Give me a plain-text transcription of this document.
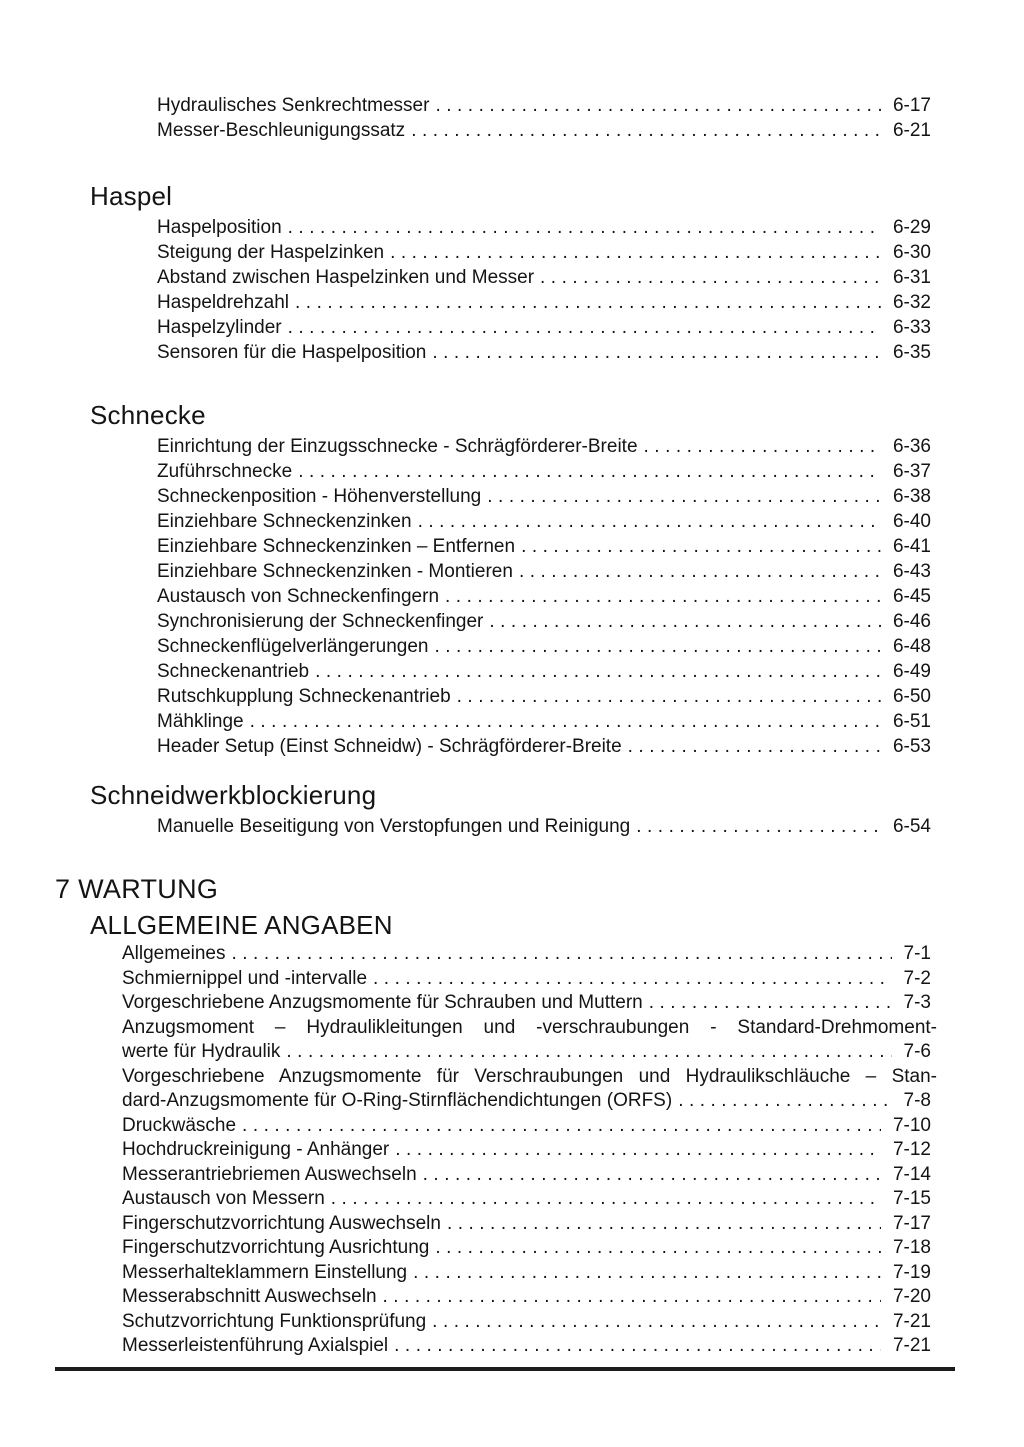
Hydraulisches Senkrechtmesser .....	6-17
Messer-Beschleunigungssatz .....	6-21
Haspel
Haspelposition .....	6-29
Steigung der Haspelzinken .....	6-30
Abstand zwischen Haspelzinken und Messer .....	6-31
Haspeldrehzahl .....	6-32
Haspelzylinder .....	6-33
Sensoren für die Haspelposition .....	6-35
Schnecke
Einrichtung der Einzugsschnecke - Schrägförderer-Breite .....	6-36
Zuführschnecke .....	6-37
Schneckenposition - Höhenverstellung .....	6-38
Einziehbare Schneckenzinken .....	6-40
Einziehbare Schneckenzinken – Entfernen .....	6-41
Einziehbare Schneckenzinken - Montieren .....	6-43
Austausch von Schneckenfingern .....	6-45
Synchronisierung der Schneckenfinger .....	6-46
Schneckenflügelverlängerungen .....	6-48
Schneckenantrieb .....	6-49
Rutschkupplung Schneckenantrieb .....	6-50
Mähklinge .....	6-51
Header Setup (Einst Schneidw) - Schrägförderer-Breite .....	6-53
Schneidwerkblockierung
Manuelle Beseitigung von Verstopfungen und Reinigung .....	6-54
7 WARTUNG
ALLGEMEINE ANGABEN
Allgemeines .....	7-1
Schmiernippel und -intervalle .....	7-2
Vorgeschriebene Anzugsmomente für Schrauben und Muttern .....	7-3
Anzugsmoment – Hydraulikleitungen und -verschraubungen - Standard-Drehmoment-
werte für Hydraulik .....	7-6
Vorgeschriebene Anzugsmomente für Verschraubungen und Hydraulikschläuche – Stan-
dard-Anzugsmomente für O-Ring-Stirnflächendichtungen (ORFS) .....	7-8
Druckwäsche .....	7-10
Hochdruckreinigung - Anhänger .....	7-12
Messerantriebriemen Auswechseln .....	7-14
Austausch von Messern .....	7-15
Fingerschutzvorrichtung Auswechseln .....	7-17
Fingerschutzvorrichtung Ausrichtung .....	7-18
Messerhalteklammern Einstellung .....	7-19
Messerabschnitt Auswechseln .....	7-20
Schutzvorrichtung Funktionsprüfung .....	7-21
Messerleistenführung Axialspiel .....	7-21
